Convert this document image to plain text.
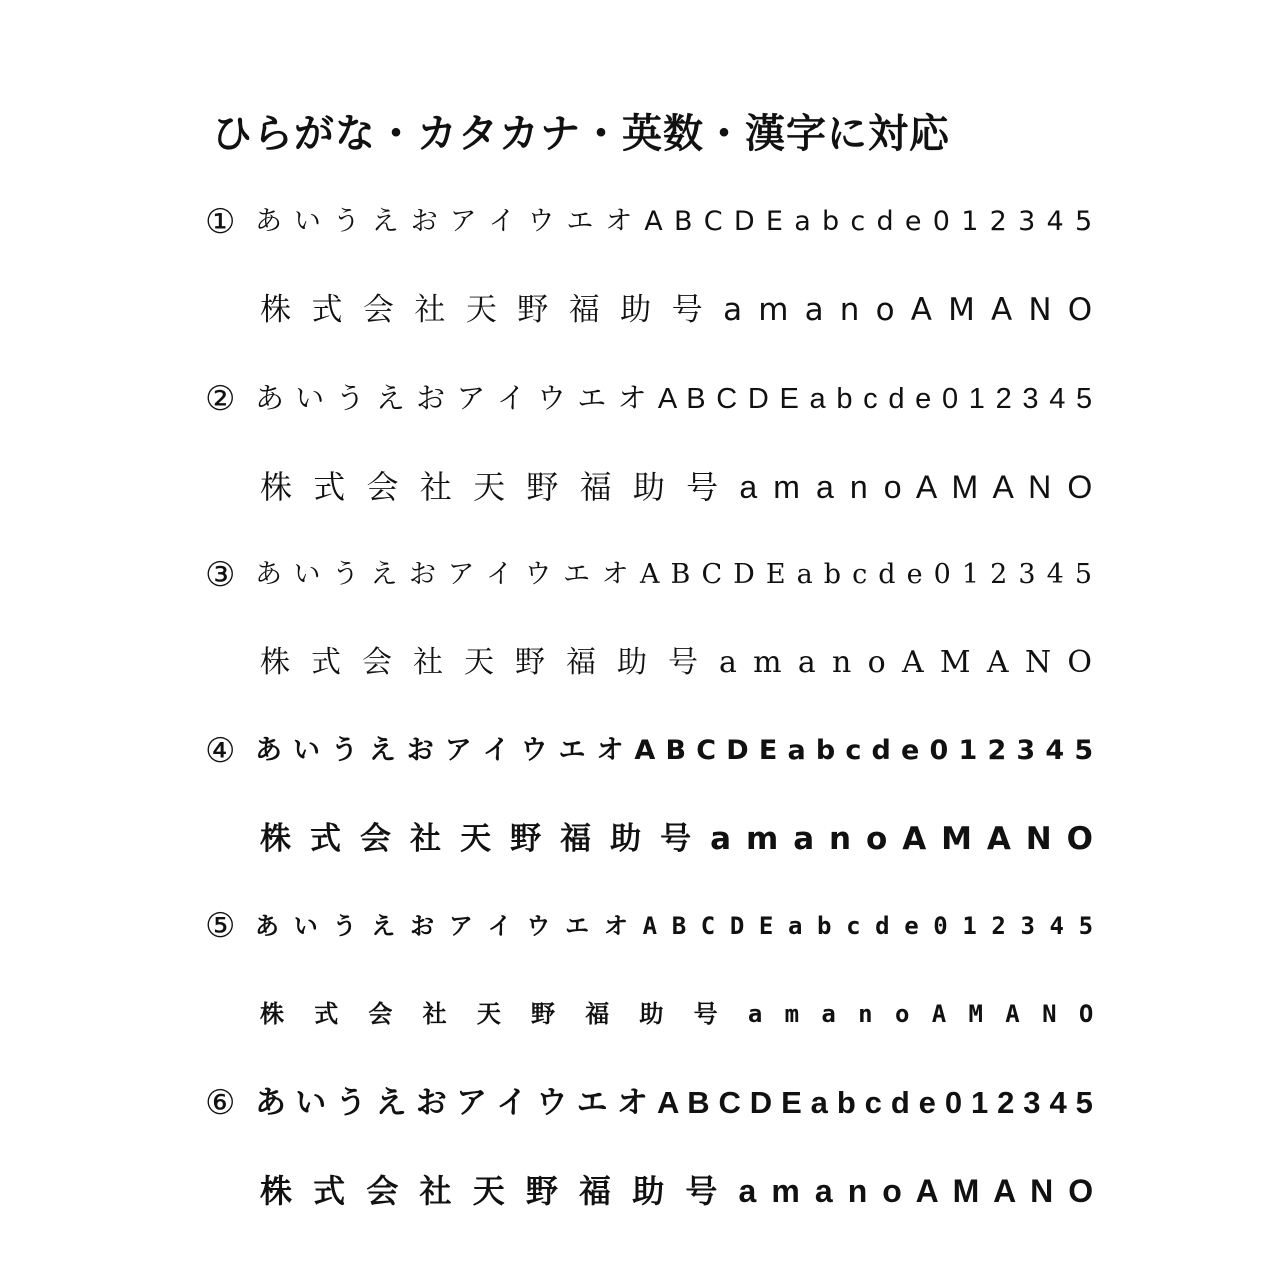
ひらがな・カタカナ・英数・漢字に対応
① あ い う え お ア イ ウ エ オ A B C D E a b c d e 0 1 2 3 4 5
株 式 会 社 天 野 福 助 号 a m a n o A M A N O
② あ い う え お ア イ ウ エ オ A B C D E a b c d e 0 1 2 3 4 5
株 式 会 社 天 野 福 助 号 a m a n o A M A N O
③ あ い う え お ア イ ウ エ オ A B C D E a b c d e 0 1 2 3 4 5
株 式 会 社 天 野 福 助 号 a m a n o A M A N O
④ あ い う え お ア イ ウ エ オ A B C D E a b c d e 0 1 2 3 4 5
株 式 会 社 天 野 福 助 号 a m a n o A M A N O
⑤ あ い う え お ア イ ウ エ オ A B C D E a b c d e 0 1 2 3 4 5
株 式 会 社 天 野 福 助 号 a m a n o A M A N O
⑥ あ い う え お ア イ ウ エ オ A B C D E a b c d e 0 1 2 3 4 5
株 式 会 社 天 野 福 助 号 a m a n o A M A N O
